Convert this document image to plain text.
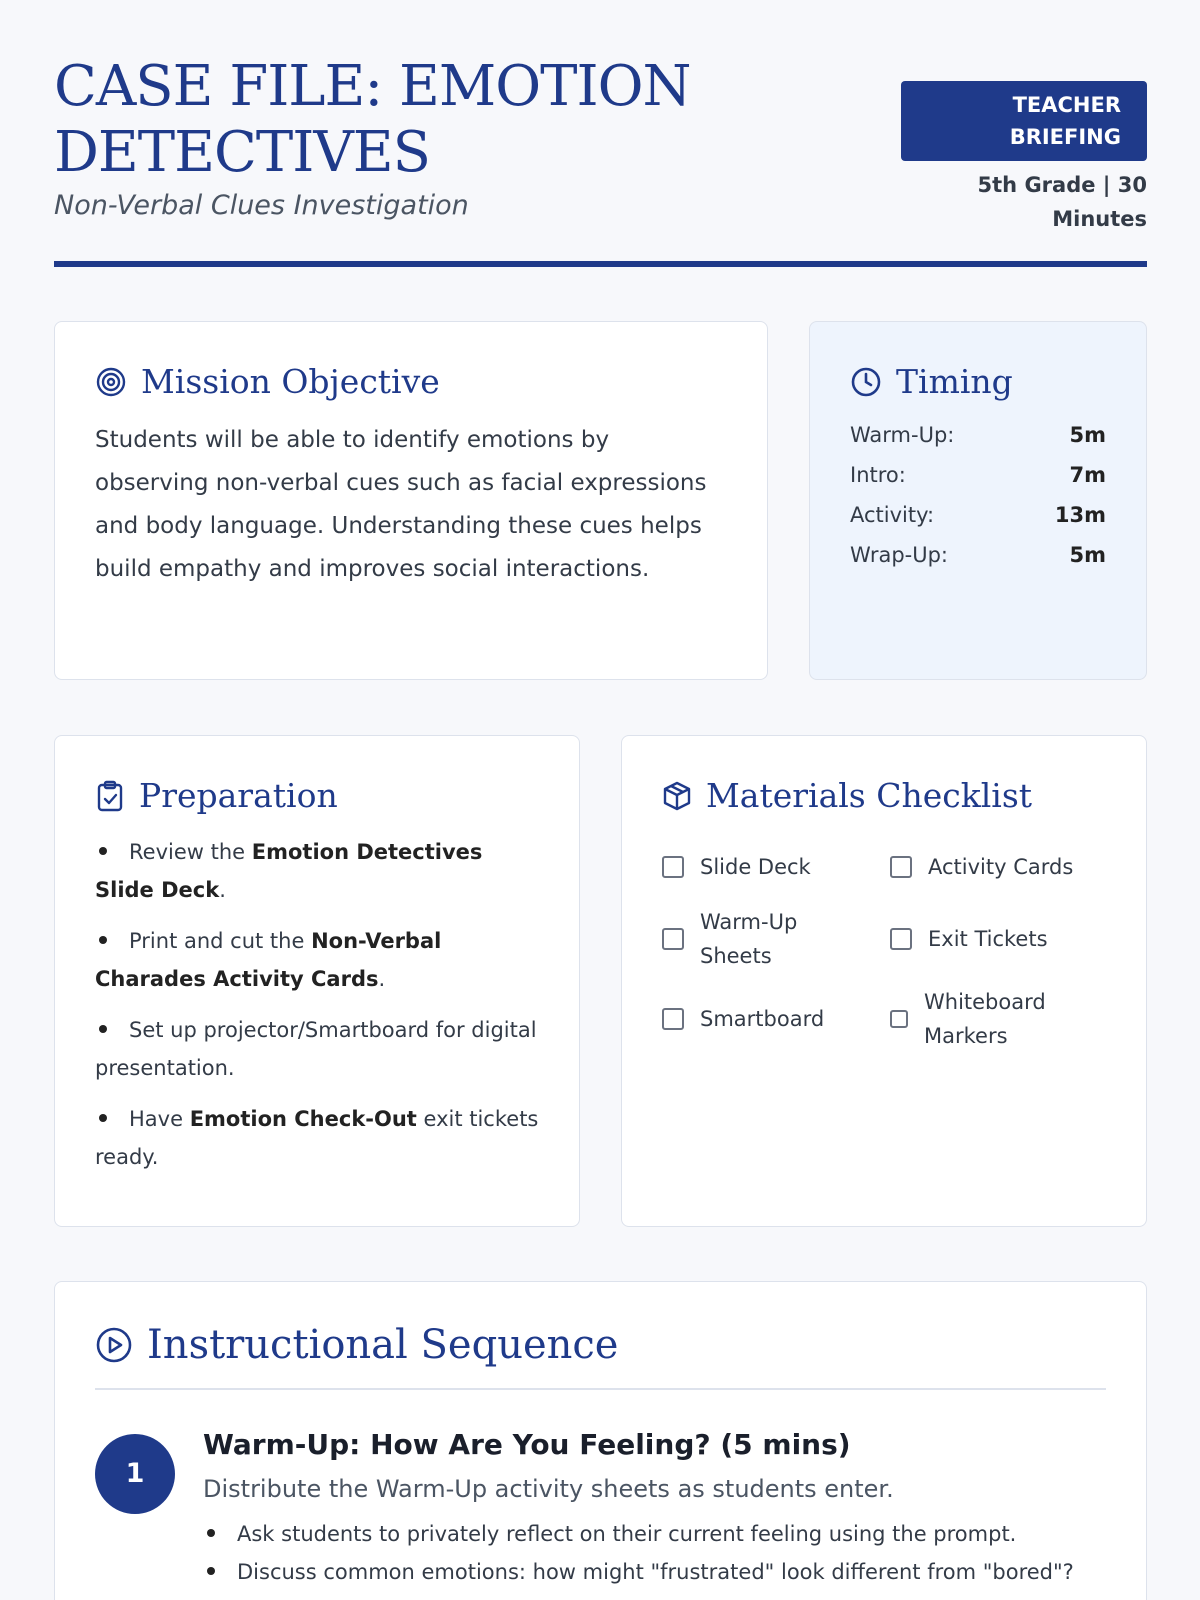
CASE FILE: EMOTION DETECTIVES
Non-Verbal Clues Investigation
TEACHER BRIEFING
5th Grade | 30 Minutes
Mission Objective

Students will be able to identify emotions by observing non-verbal cues such as facial expressions and body language. Understanding these cues helps build empathy and improves social interactions.

Timing
Warm-Up:	5m
Intro:	7m
Activity:	13m
Wrap-Up:	5m
Preparation
Review the Emotion Detectives Slide Deck.
Print and cut the Non-Verbal Charades Activity Cards.
Set up projector/Smartboard for digital presentation.
Have Emotion Check-Out exit tickets ready.
Materials Checklist
Slide Deck	Activity Cards
Warm-Up Sheets
Exit Tickets
Smartboard
Whiteboard Markers
Instructional Sequence
1
Warm-Up: How Are You Feeling? (5 mins)
Distribute the Warm-Up activity sheets as students enter.
Ask students to privately reflect on their current feeling using the prompt.
Discuss common emotions: how might "frustrated" look different from "bored"?
